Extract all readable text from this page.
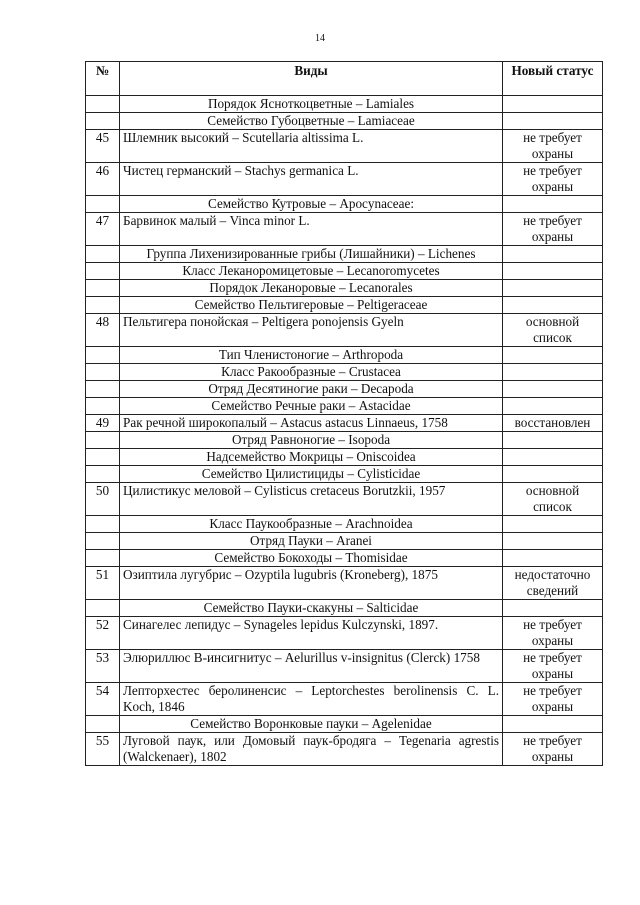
14
№	Виды	Новый статус
	Порядок Ясноткоцветные – Lamiales	
	Семейство Губоцветные – Lamiaceae	
45	Шлемник высокий – Scutellaria altissima L.	не требует охраны
46	Чистец германский – Stachys germanica L.	не требует охраны
	Семейство Кутровые – Apocynaceae:	
47	Барвинок малый – Vinca minor L.	не требует охраны
	Группа Лихенизированные грибы (Лишайники) – Lichenes	
	Класс Леканоромицетовые – Lecanoromycetes	
	Порядок Леканоровые – Lecanorales	
	Семейство Пельтигеровые – Peltigeraceae	
48	Пельтигера понойская – Peltigera ponojensis Gyeln	основной список
	Тип Членистоногие – Arthropoda	
	Класс Ракообразные – Crustacea	
	Отряд Десятиногие раки – Decapoda	
	Семейство Речные раки – Astacidae	
49	Рак речной широкопалый – Astacus astacus Linnaeus, 1758	восстановлен
	Отряд Равноногие – Isopoda	
	Надсемейство Мокрицы – Oniscoidea	
	Семейство Цилистициды – Cylisticidae	
50	Цилистикус меловой – Cylisticus cretaceus Borutzkii, 1957	основной список
	Класс Паукообразные – Arachnoidea	
	Отряд Пауки – Aranei	
	Семейство Бокоходы – Thomisidae	
51	Озиптила лугубрис – Ozyptila lugubris (Kroneberg), 1875	недостаточно сведений
	Семейство Пауки-скакуны – Salticidae	
52	Синагелес лепидус – Synageles lepidus Kulczynski, 1897.	не требует охраны
53	Элюриллюс В-инсигнитус – Aelurillus v-insignitus (Clerck) 1758	не требует охраны
54	Лепторхестес беролиненсис – Leptorchestes berolinensis C. L. Koch, 1846	не требует охраны
	Семейство Воронковые пауки – Agelenidae	
55	Луговой паук, или Домовый паук-бродяга – Tegenaria agrestis (Walckenaer), 1802	не требует охраны
